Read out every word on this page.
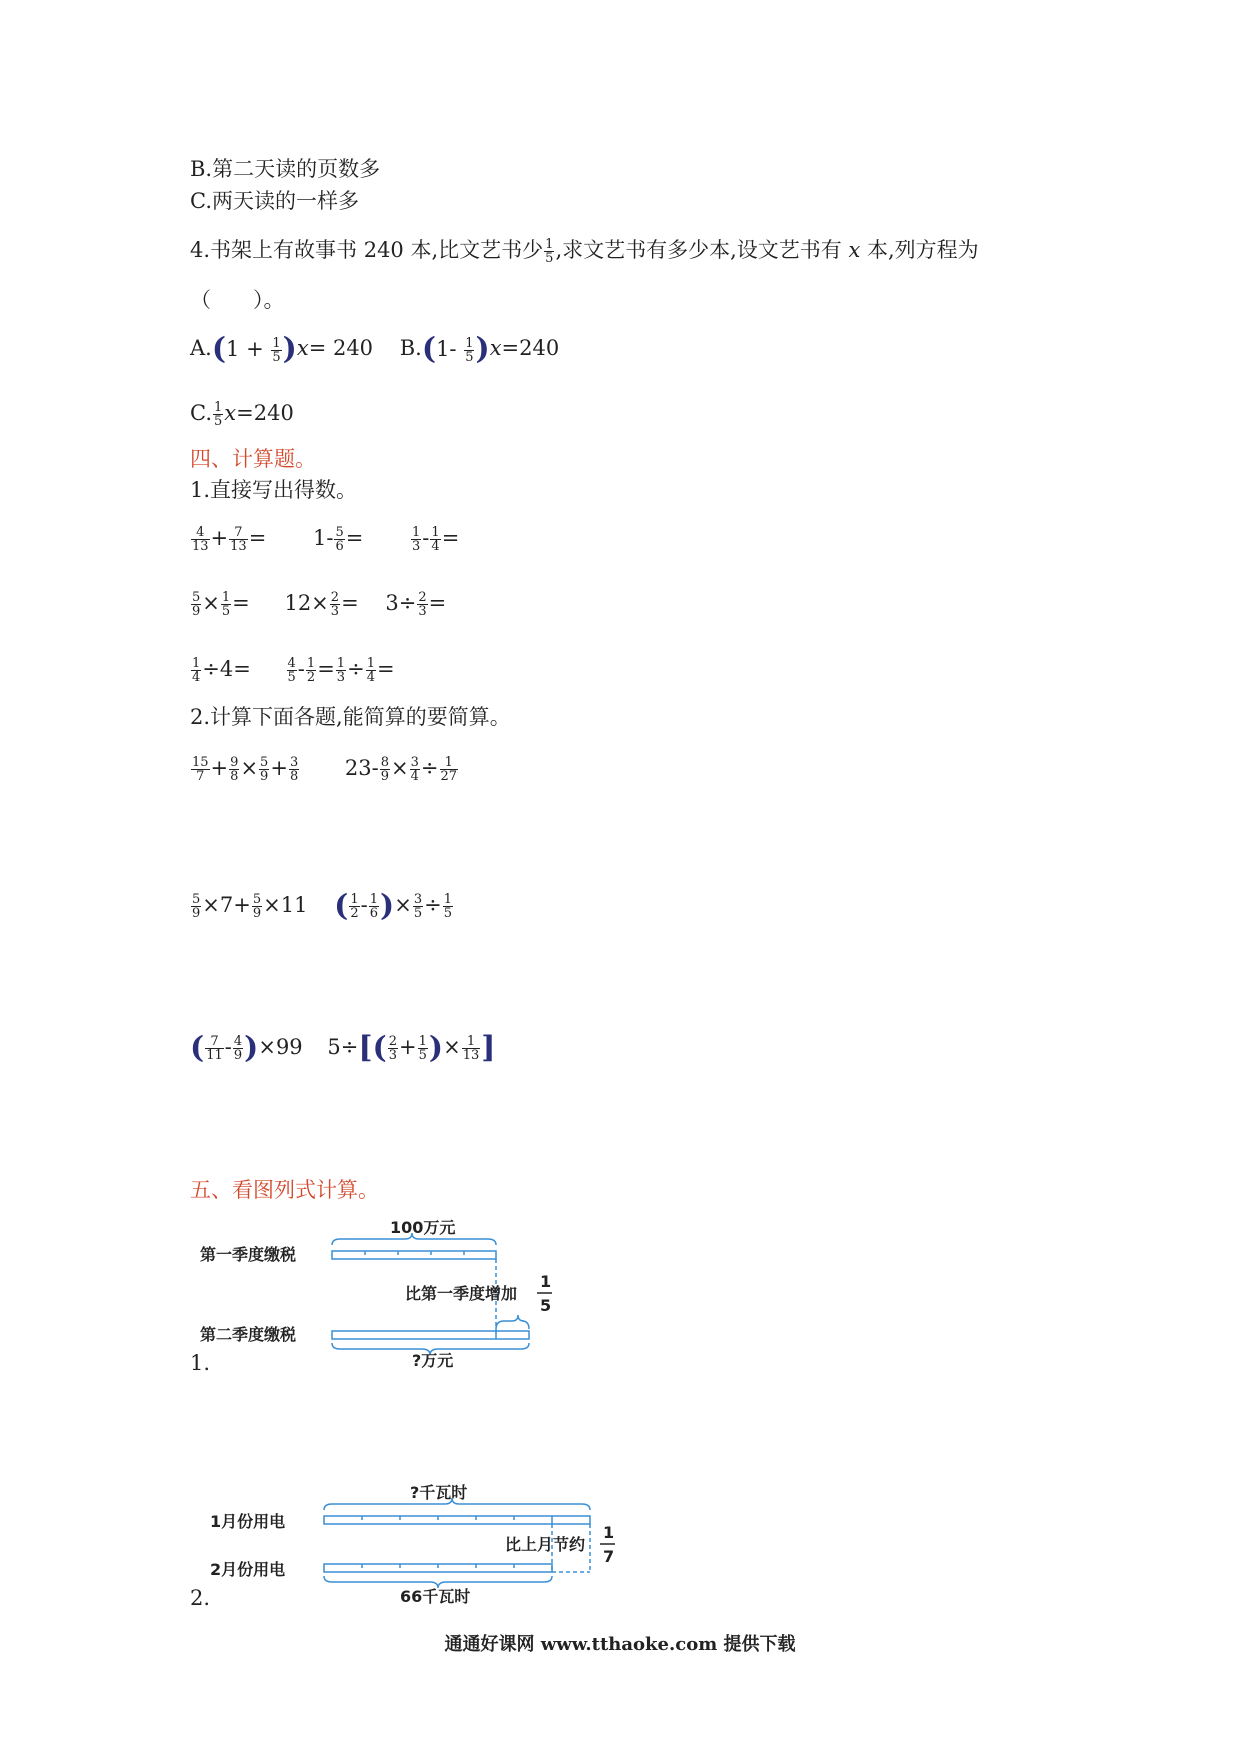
B.第二天读的页数多
C.两天读的一样多
4.书架上有故事书 240 本,比文艺书少 $\frac{1}{5}$ ,求文艺书有多少本,设文艺书有 x 本,列方程为
（　　）。
$A.(1 + \frac{1}{5} )x= 240$ $B.(1- \frac{1}{5} )x=240$
C. $\frac{1}{5} x=240$
四、计算题。
1.直接写出得数。
$\frac{4}{13} + \frac{7}{13} = 1- \frac{5}{6}$ =	$\frac{1}{3} - \frac{1}{4}$ =
$\frac{5}{9} \times \frac{1}{5} = 12\times \frac{2}{3} = 3\div \frac{2}{3}$ =
$\frac{1}{4} \div 4= \frac{4}{5} - \frac{1}{2} = \frac{1}{3} \div \frac{1}{4}$ =
2.计算下面各题,能简算的要简算。
$\frac{15}{7} + \frac{9}{8} \times \frac{5}{9} + \frac{3}{8} 23- \frac{8}{9} \times \frac{3}{4} \div \frac{1}{27}$
$\frac{5}{9} \times 7+ \frac{5}{9} \times 11$ ( $\frac{1}{2} - \frac{1}{6}$ )× $\frac{3}{5} \div \frac{1}{5}$
( $\frac{7}{11} - \frac{4}{9} )\times 99$ $5\div[( \frac{2}{3} + \frac{1}{5}$ )× $\frac{1}{13}$ ]
五、看图列式计算。
第一季度缴税
100万元
比第一季度增加
1
5
第二季度缴税
?万元
1.
?千瓦时
1月份用电
比上月节约
1
7
2月份用电
66千瓦时
2.
通通好课网 www.tthaoke.com 提供下载
